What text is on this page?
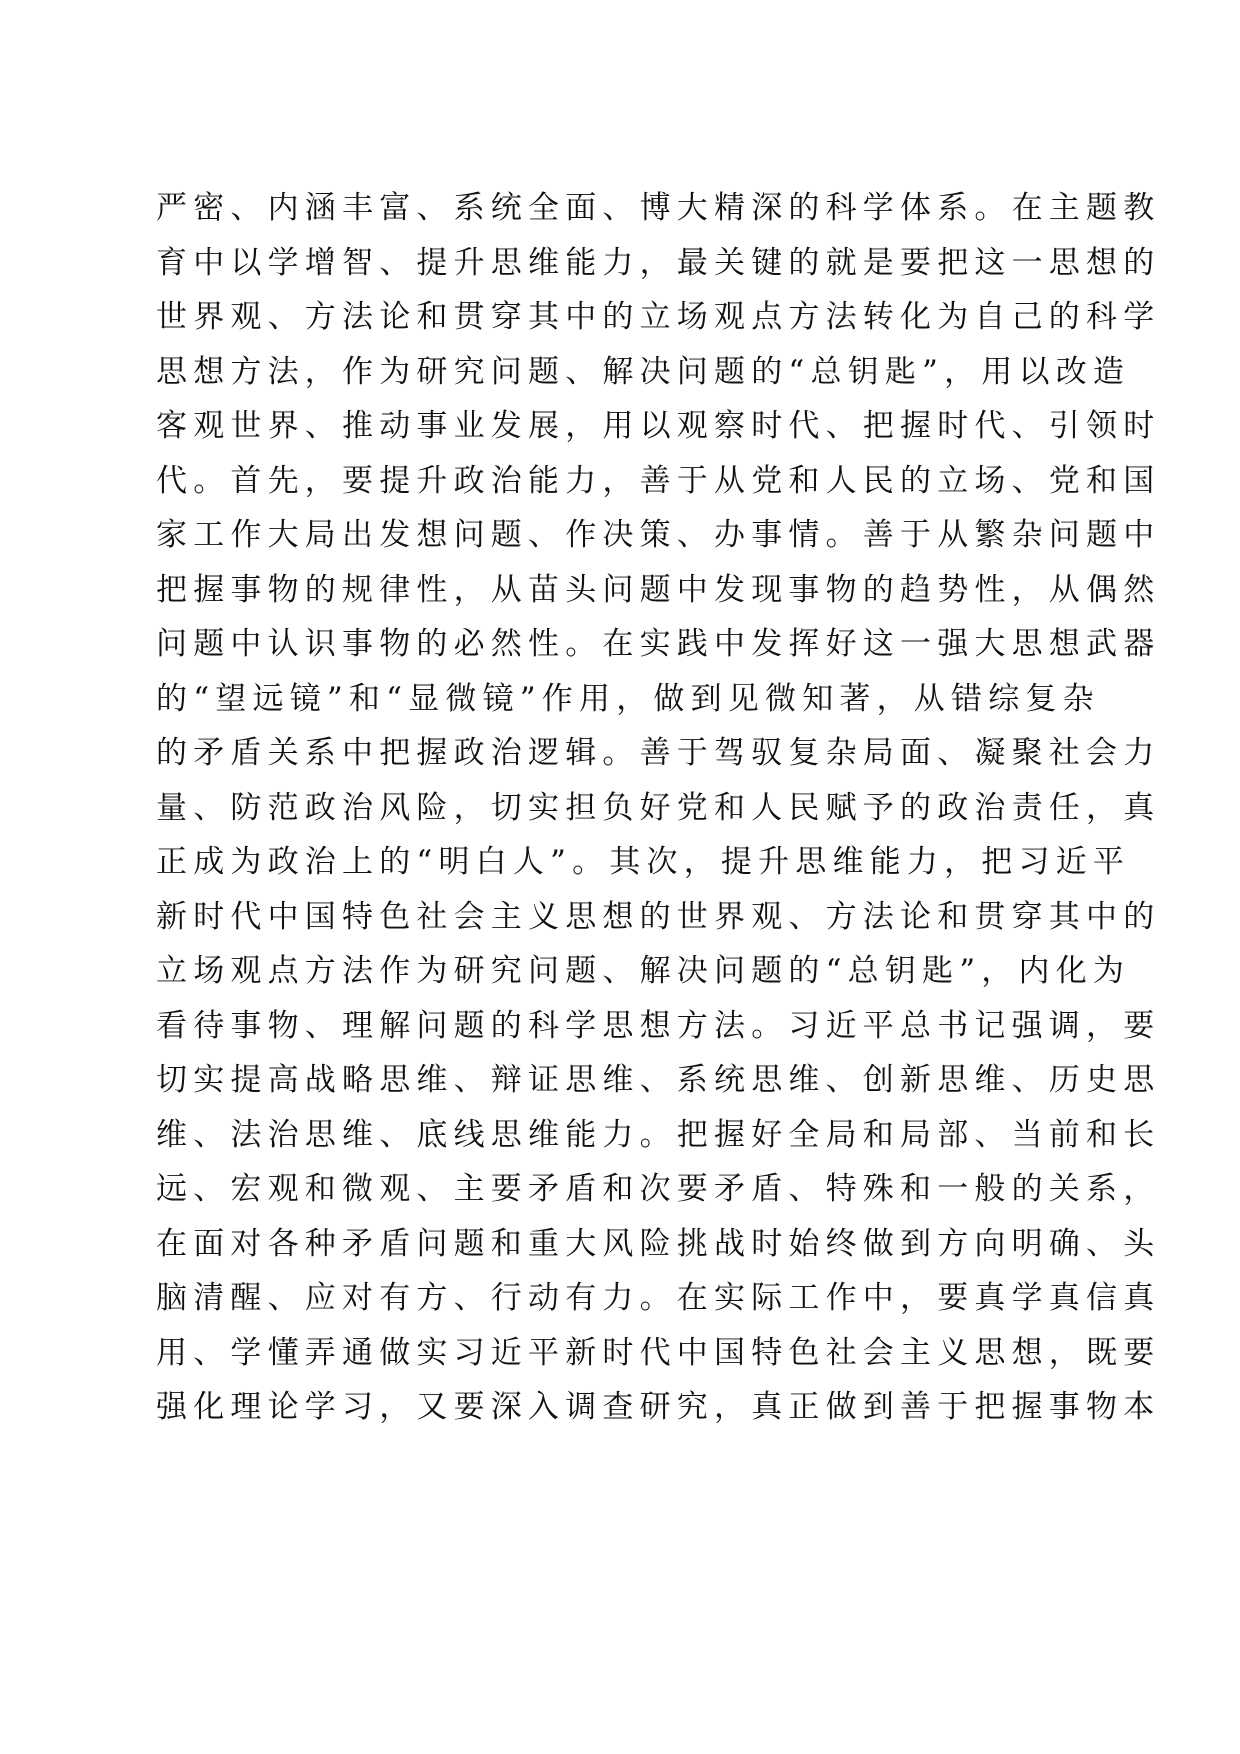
严密、内涵丰富、系统全面、博大精深的科学体系。在主题教
育中以学增智、提升思维能力，最关键的就是要把这一思想的
世界观、方法论和贯穿其中的立场观点方法转化为自己的科学
思想方法，作为研究问题、解决问题的“总钥匙”，用以改造
客观世界、推动事业发展，用以观察时代、把握时代、引领时
代。首先，要提升政治能力，善于从党和人民的立场、党和国
家工作大局出发想问题、作决策、办事情。善于从繁杂问题中
把握事物的规律性，从苗头问题中发现事物的趋势性，从偶然
问题中认识事物的必然性。在实践中发挥好这一强大思想武器
的“望远镜”和“显微镜”作用，做到见微知著，从错综复杂
的矛盾关系中把握政治逻辑。善于驾驭复杂局面、凝聚社会力
量、防范政治风险，切实担负好党和人民赋予的政治责任，真
正成为政治上的“明白人”。其次，提升思维能力，把习近平
新时代中国特色社会主义思想的世界观、方法论和贯穿其中的
立场观点方法作为研究问题、解决问题的“总钥匙”，内化为
看待事物、理解问题的科学思想方法。习近平总书记强调，要
切实提高战略思维、辩证思维、系统思维、创新思维、历史思
维、法治思维、底线思维能力。把握好全局和局部、当前和长
远、宏观和微观、主要矛盾和次要矛盾、特殊和一般的关系，
在面对各种矛盾问题和重大风险挑战时始终做到方向明确、头
脑清醒、应对有方、行动有力。在实际工作中，要真学真信真
用、学懂弄通做实习近平新时代中国特色社会主义思想，既要
强化理论学习，又要深入调查研究，真正做到善于把握事物本
